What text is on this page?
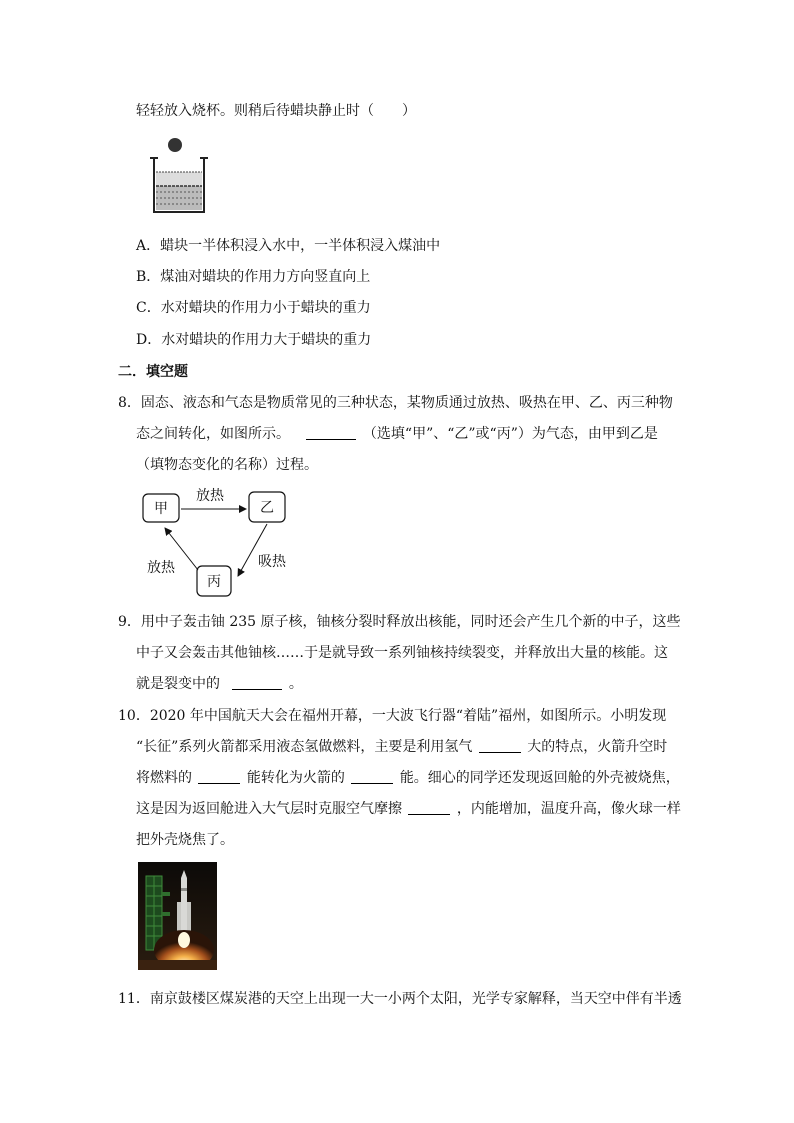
轻轻放入烧杯。则稍后待蜡块静止时（　　）
A．蜡块一半体积浸入水中，一半体积浸入煤油中
B．煤油对蜡块的作用力方向竖直向上
C．水对蜡块的作用力小于蜡块的重力
D．水对蜡块的作用力大于蜡块的重力
二．填空题
8．固态、液态和气态是物质常见的三种状态，某物质通过放热、吸热在甲、乙、丙三种物
态之间转化，如图所示。	（选填“甲”、“乙”或“丙”）为气态，由甲到乙是
（填物态变化的名称）过程。
甲	乙
丙
放热
吸热
放热
9．用中子轰击铀 235 原子核，铀核分裂时释放出核能，同时还会产生几个新的中子，这些
中子又会轰击其他铀核……于是就导致一系列铀核持续裂变，并释放出大量的核能。这
就是裂变中的	。
10．2020 年中国航天大会在福州开幕，一大波飞行器“着陆”福州，如图所示。小明发现
“长征”系列火箭都采用液态氢做燃料，主要是利用氢气	大的特点，火箭升空时
将燃料的	能转化为火箭的	能。细心的同学还发现返回舱的外壳被烧焦，
这是因为返回舱进入大气层时克服空气摩擦	，内能增加，温度升高，像火球一样
把外壳烧焦了。
11．南京鼓楼区煤炭港的天空上出现一大一小两个太阳，光学专家解释，当天空中伴有半透
